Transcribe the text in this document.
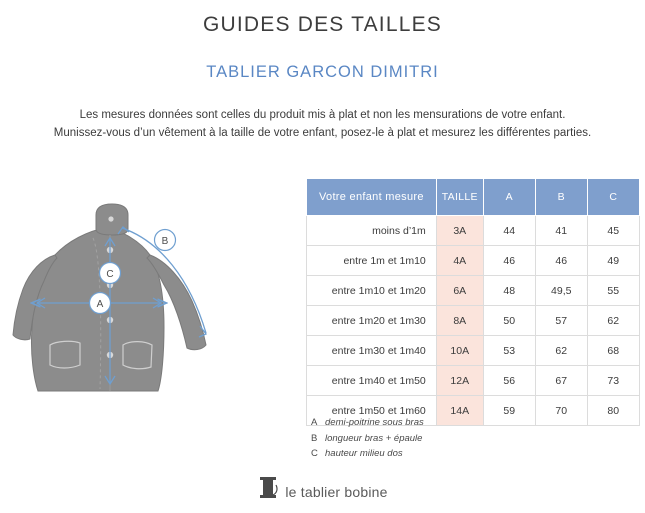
GUIDES DES TAILLES
TABLIER GARCON DIMITRI
Les mesures données sont celles du produit mis à plat et non les mensurations de votre enfant.
Munissez-vous d’un vêtement à la taille de votre enfant, posez-le à plat et mesurez les différentes parties.
A
B
C
Votre enfant mesure	TAILLE	A	B	C
moins d’1m	3A	44	41	45
entre 1m et 1m10	4A	46	46	49
entre 1m10 et 1m20	6A	48	49,5	55
entre 1m20 et 1m30	8A	50	57	62
entre 1m30 et 1m40	10A	53	62	68
entre 1m40 et 1m50	12A	56	67	73
entre 1m50 et 1m60	14A	59	70	80
A demi-poitrine sous bras
B longueur bras + épaule
C hauteur milieu dos
le tablier bobine
